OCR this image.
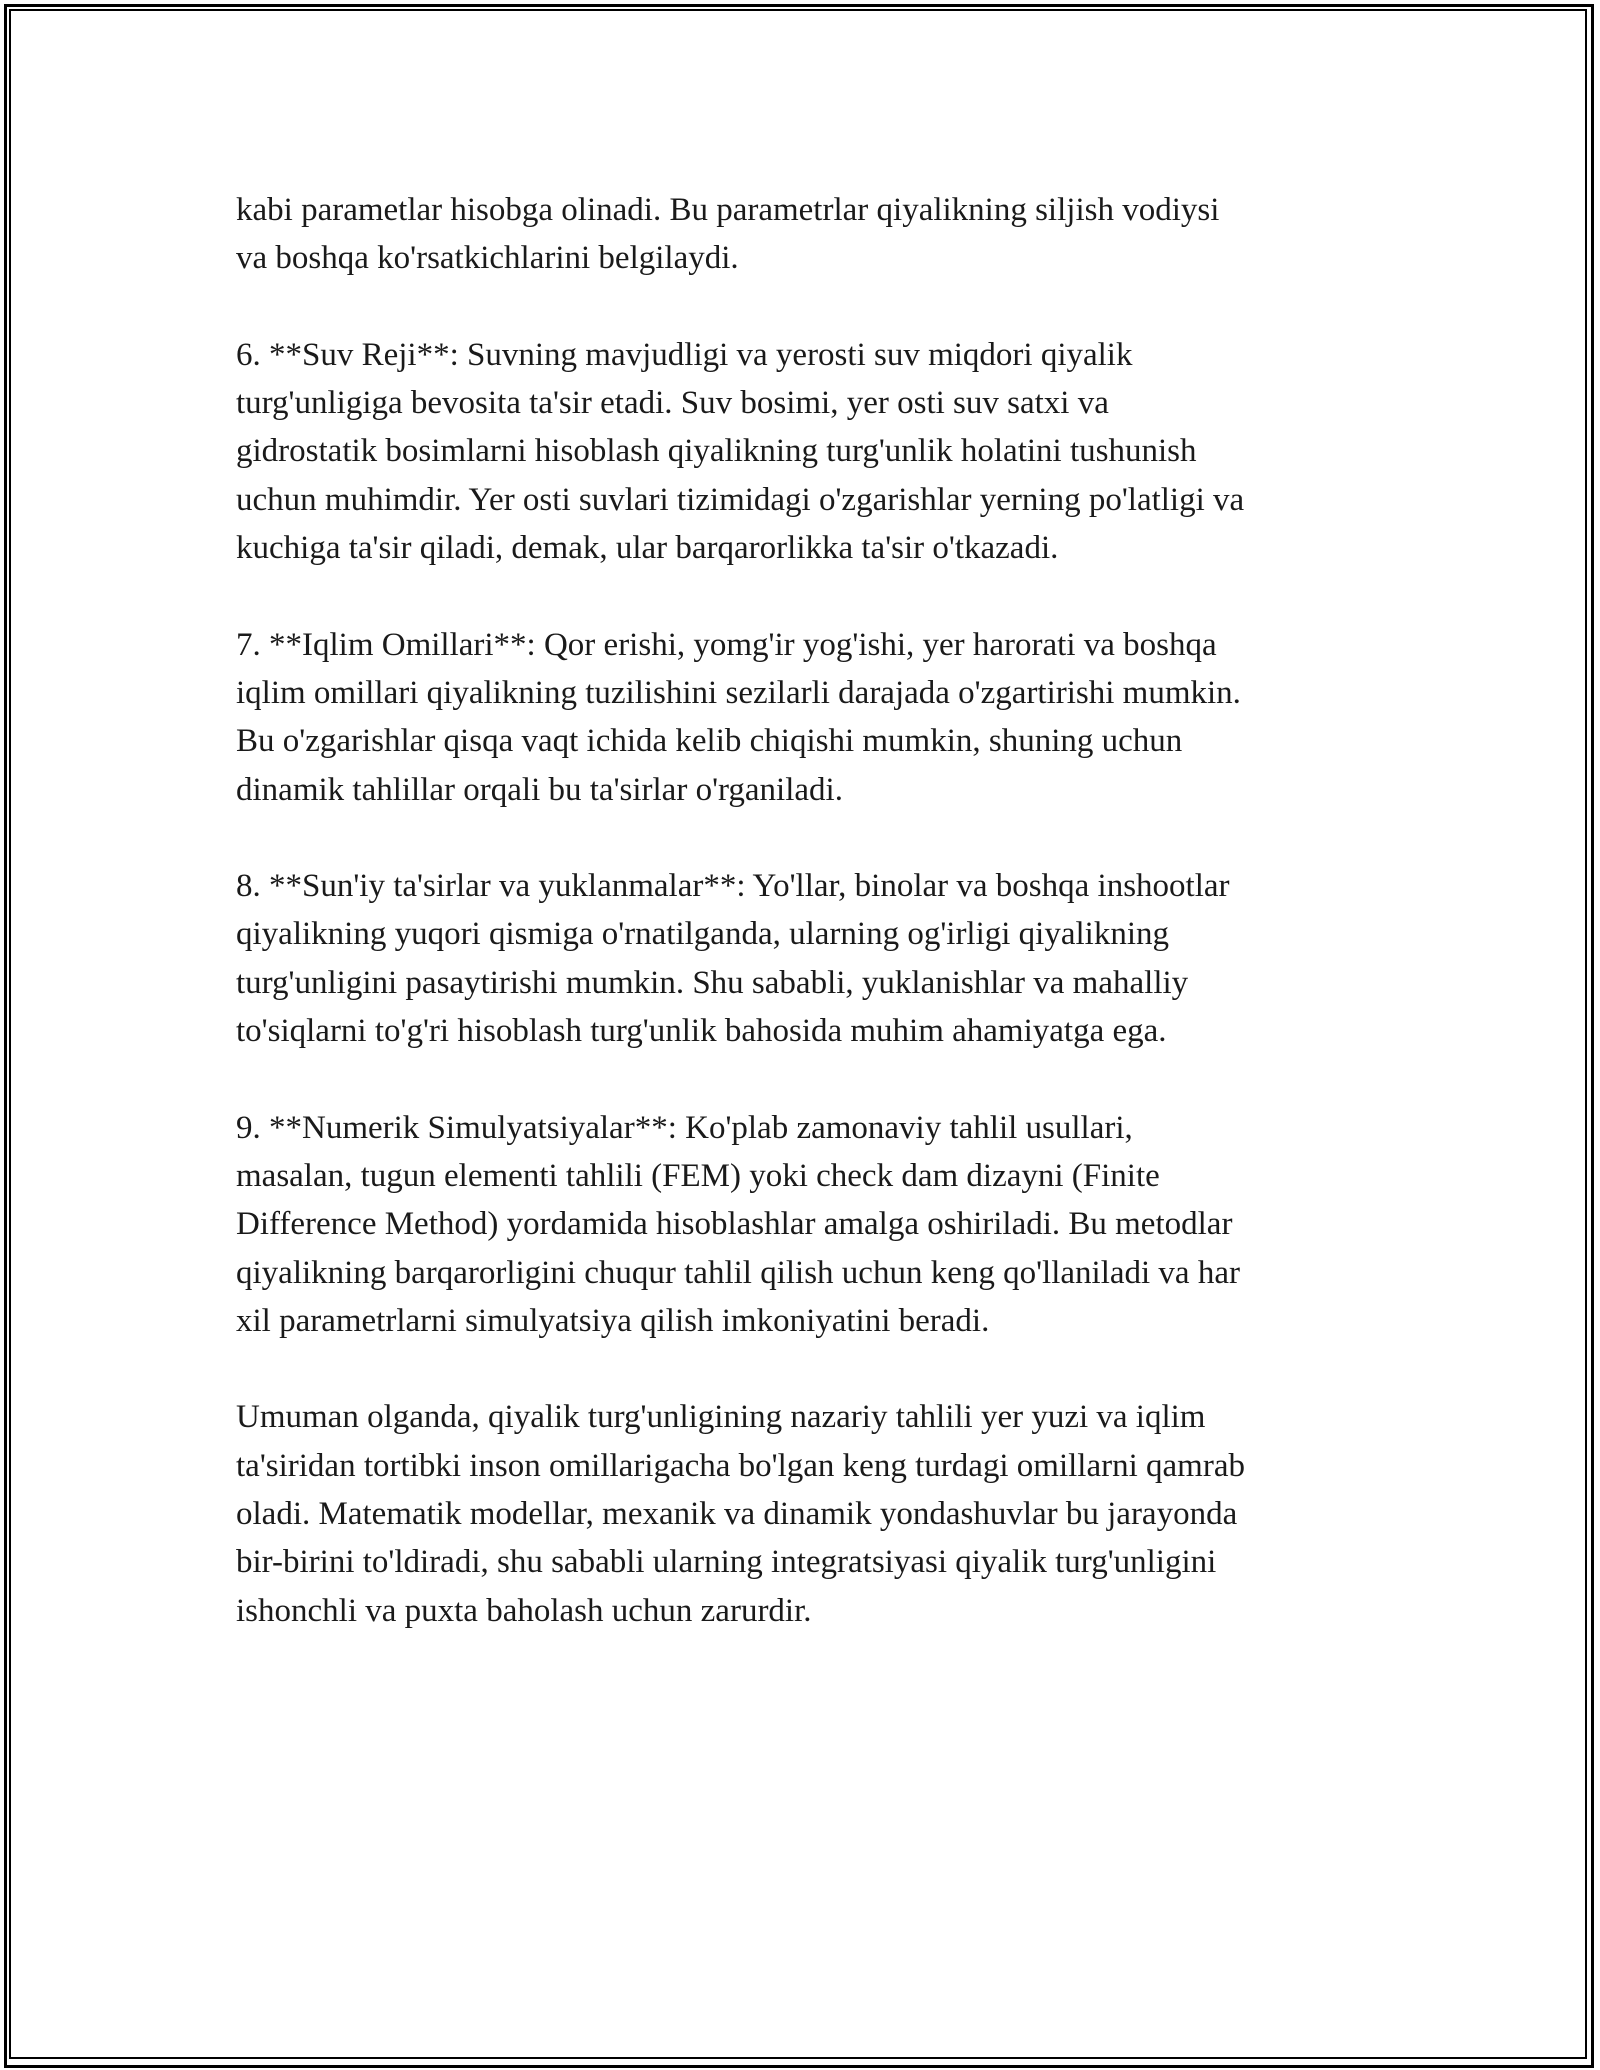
kabi parametlar hisobga olinadi. Bu parametrlar qiyalikning siljish vodiysi
va boshqa ko'rsatkichlarini belgilaydi.

6. **Suv Reji**: Suvning mavjudligi va yerosti suv miqdori qiyalik
turg'unligiga bevosita ta'sir etadi. Suv bosimi, yer osti suv satxi va
gidrostatik bosimlarni hisoblash qiyalikning turg'unlik holatini tushunish
uchun muhimdir. Yer osti suvlari tizimidagi o'zgarishlar yerning po'latligi va
kuchiga ta'sir qiladi, demak, ular barqarorlikka ta'sir o'tkazadi.

7. **Iqlim Omillari**: Qor erishi, yomg'ir yog'ishi, yer harorati va boshqa
iqlim omillari qiyalikning tuzilishini sezilarli darajada o'zgartirishi mumkin.
Bu o'zgarishlar qisqa vaqt ichida kelib chiqishi mumkin, shuning uchun
dinamik tahlillar orqali bu ta'sirlar o'rganiladi.

8. **Sun'iy ta'sirlar va yuklanmalar**: Yo'llar, binolar va boshqa inshootlar
qiyalikning yuqori qismiga o'rnatilganda, ularning og'irligi qiyalikning
turg'unligini pasaytirishi mumkin. Shu sababli, yuklanishlar va mahalliy
to'siqlarni to'g'ri hisoblash turg'unlik bahosida muhim ahamiyatga ega.

9. **Numerik Simulyatsiyalar**: Ko'plab zamonaviy tahlil usullari,
masalan, tugun elementi tahlili (FEM) yoki check dam dizayni (Finite
Difference Method) yordamida hisoblashlar amalga oshiriladi. Bu metodlar
qiyalikning barqarorligini chuqur tahlil qilish uchun keng qo'llaniladi va har
xil parametrlarni simulyatsiya qilish imkoniyatini beradi.

Umuman olganda, qiyalik turg'unligining nazariy tahlili yer yuzi va iqlim
ta'siridan tortibki inson omillarigacha bo'lgan keng turdagi omillarni qamrab
oladi. Matematik modellar, mexanik va dinamik yondashuvlar bu jarayonda
bir-birini to'ldiradi, shu sababli ularning integratsiyasi qiyalik turg'unligini
ishonchli va puxta baholash uchun zarurdir.
